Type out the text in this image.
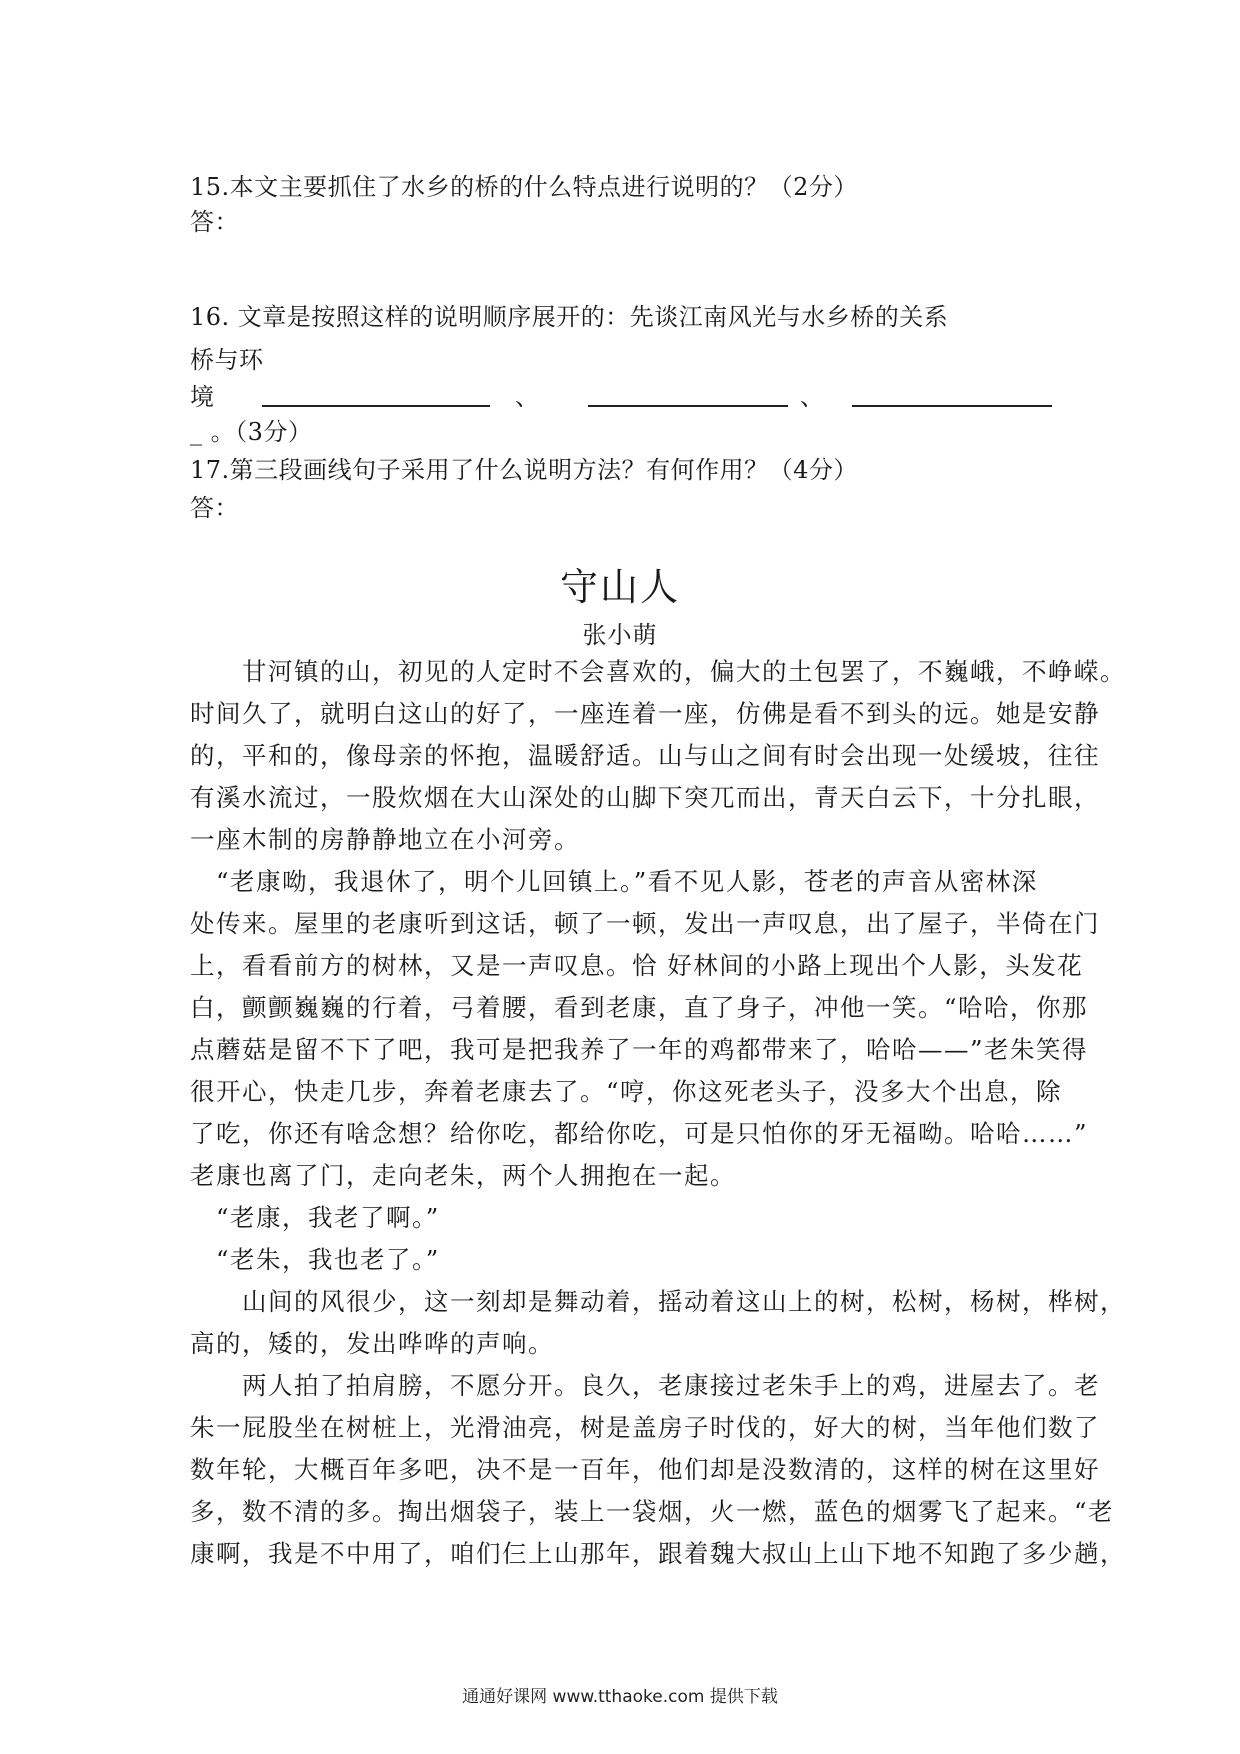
15.本文主要抓住了水乡的桥的什么特点进行说明的？（2分）
答：
16. 文章是按照这样的说明顺序展开的：先谈江南风光与水乡桥的关系
桥与环
境	、	、
_ 。（3分）
17.第三段画线句子采用了什么说明方法？有何作用？（4分）
答：
守山人
张小萌
　　甘河镇的山，初见的人定时不会喜欢的，偏大的土包罢了，不巍峨，不峥嵘。
时间久了，就明白这山的好了，一座连着一座，仿佛是看不到头的远。她是安静
的，平和的，像母亲的怀抱，温暖舒适。山与山之间有时会出现一处缓坡，往往
有溪水流过，一股炊烟在大山深处的山脚下突兀而出，青天白云下，十分扎眼，
一座木制的房静静地立在小河旁。
　“老康呦，我退休了，明个儿回镇上。”看不见人影，苍老的声音从密林深
处传来。屋里的老康听到这话，顿了一顿，发出一声叹息，出了屋子，半倚在门
上，看看前方的树林，又是一声叹息。恰 好林间的小路上现出个人影，头发花
白，颤颤巍巍的行着，弓着腰，看到老康，直了身子，冲他一笑。“哈哈，你那
点蘑菇是留不下了吧，我可是把我养了一年的鸡都带来了，哈哈——”老朱笑得
很开心，快走几步，奔着老康去了。“哼，你这死老头子，没多大个出息，除
了吃，你还有啥念想？给你吃，都给你吃，可是只怕你的牙无福呦。哈哈……”
老康也离了门，走向老朱，两个人拥抱在一起。
　“老康，我老了啊。”
　“老朱，我也老了。”
　　山间的风很少，这一刻却是舞动着，摇动着这山上的树，松树，杨树，桦树，
高的，矮的，发出哗哗的声响。
　　两人拍了拍肩膀，不愿分开。良久，老康接过老朱手上的鸡，进屋去了。老
朱一屁股坐在树桩上，光滑油亮，树是盖房子时伐的，好大的树，当年他们数了
数年轮，大概百年多吧，决不是一百年，他们却是没数清的，这样的树在这里好
多，数不清的多。掏出烟袋子，装上一袋烟，火一燃，蓝色的烟雾飞了起来。“老
康啊，我是不中用了，咱们仨上山那年，跟着魏大叔山上山下地不知跑了多少趟，
通通好课网 www.tthaoke.com 提供下载
